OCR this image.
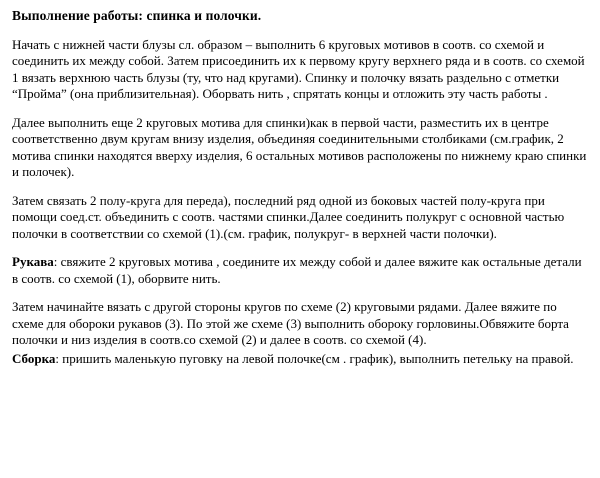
Выполнение работы: спинка и полочки.

Начать с нижней части блузы сл. образом – выполнить 6 круговых мотивов в соотв. со схемой и соединить их между собой. Затем присоединить их к первому кругу верхнего ряда и в соотв. со схемой 1 вязать верхнюю часть блузы (ту, что над кругами). Спинку и полочку вязать раздельно с отметки “Пройма” (она приблизительная). Оборвать нить , спрятать концы и отложить эту часть работы .

Далее выполнить еще 2 круговых мотива для спинки)как в первой части, разместить их в центре соответственно двум кругам внизу изделия, объединяя соединительными столбиками (см.график, 2 мотива спинки находятся вверху изделия, 6 остальных мотивов расположены по нижнему краю спинки и полочек).

Затем связать 2 полу-круга для переда), последний ряд одной из боковых частей полу-круга при помощи соед.ст. объединить с соотв. частями спинки.Далее соединить полукруг с основной частью полочки в соответствии со схемой (1).(см. график, полукруг- в верхней части полочки).

Рукава: свяжите 2 круговых мотива , соедините их между собой и далее вяжите как остальные детали в соотв. со схемой (1), оборвите нить.

Затем начинайте вязать с другой стороны кругов по схеме (2) круговыми рядами. Далее вяжите по схеме для обороки рукавов (3). По этой же схеме (3) выполнить обороку горловины.Обвяжите борта полочки и низ изделия в соотв.со схемой (2) и далее в соотв. со схемой (4).

Сборка: пришить маленькую пуговку на левой полочке(см . график), выполнить петельку на правой.
